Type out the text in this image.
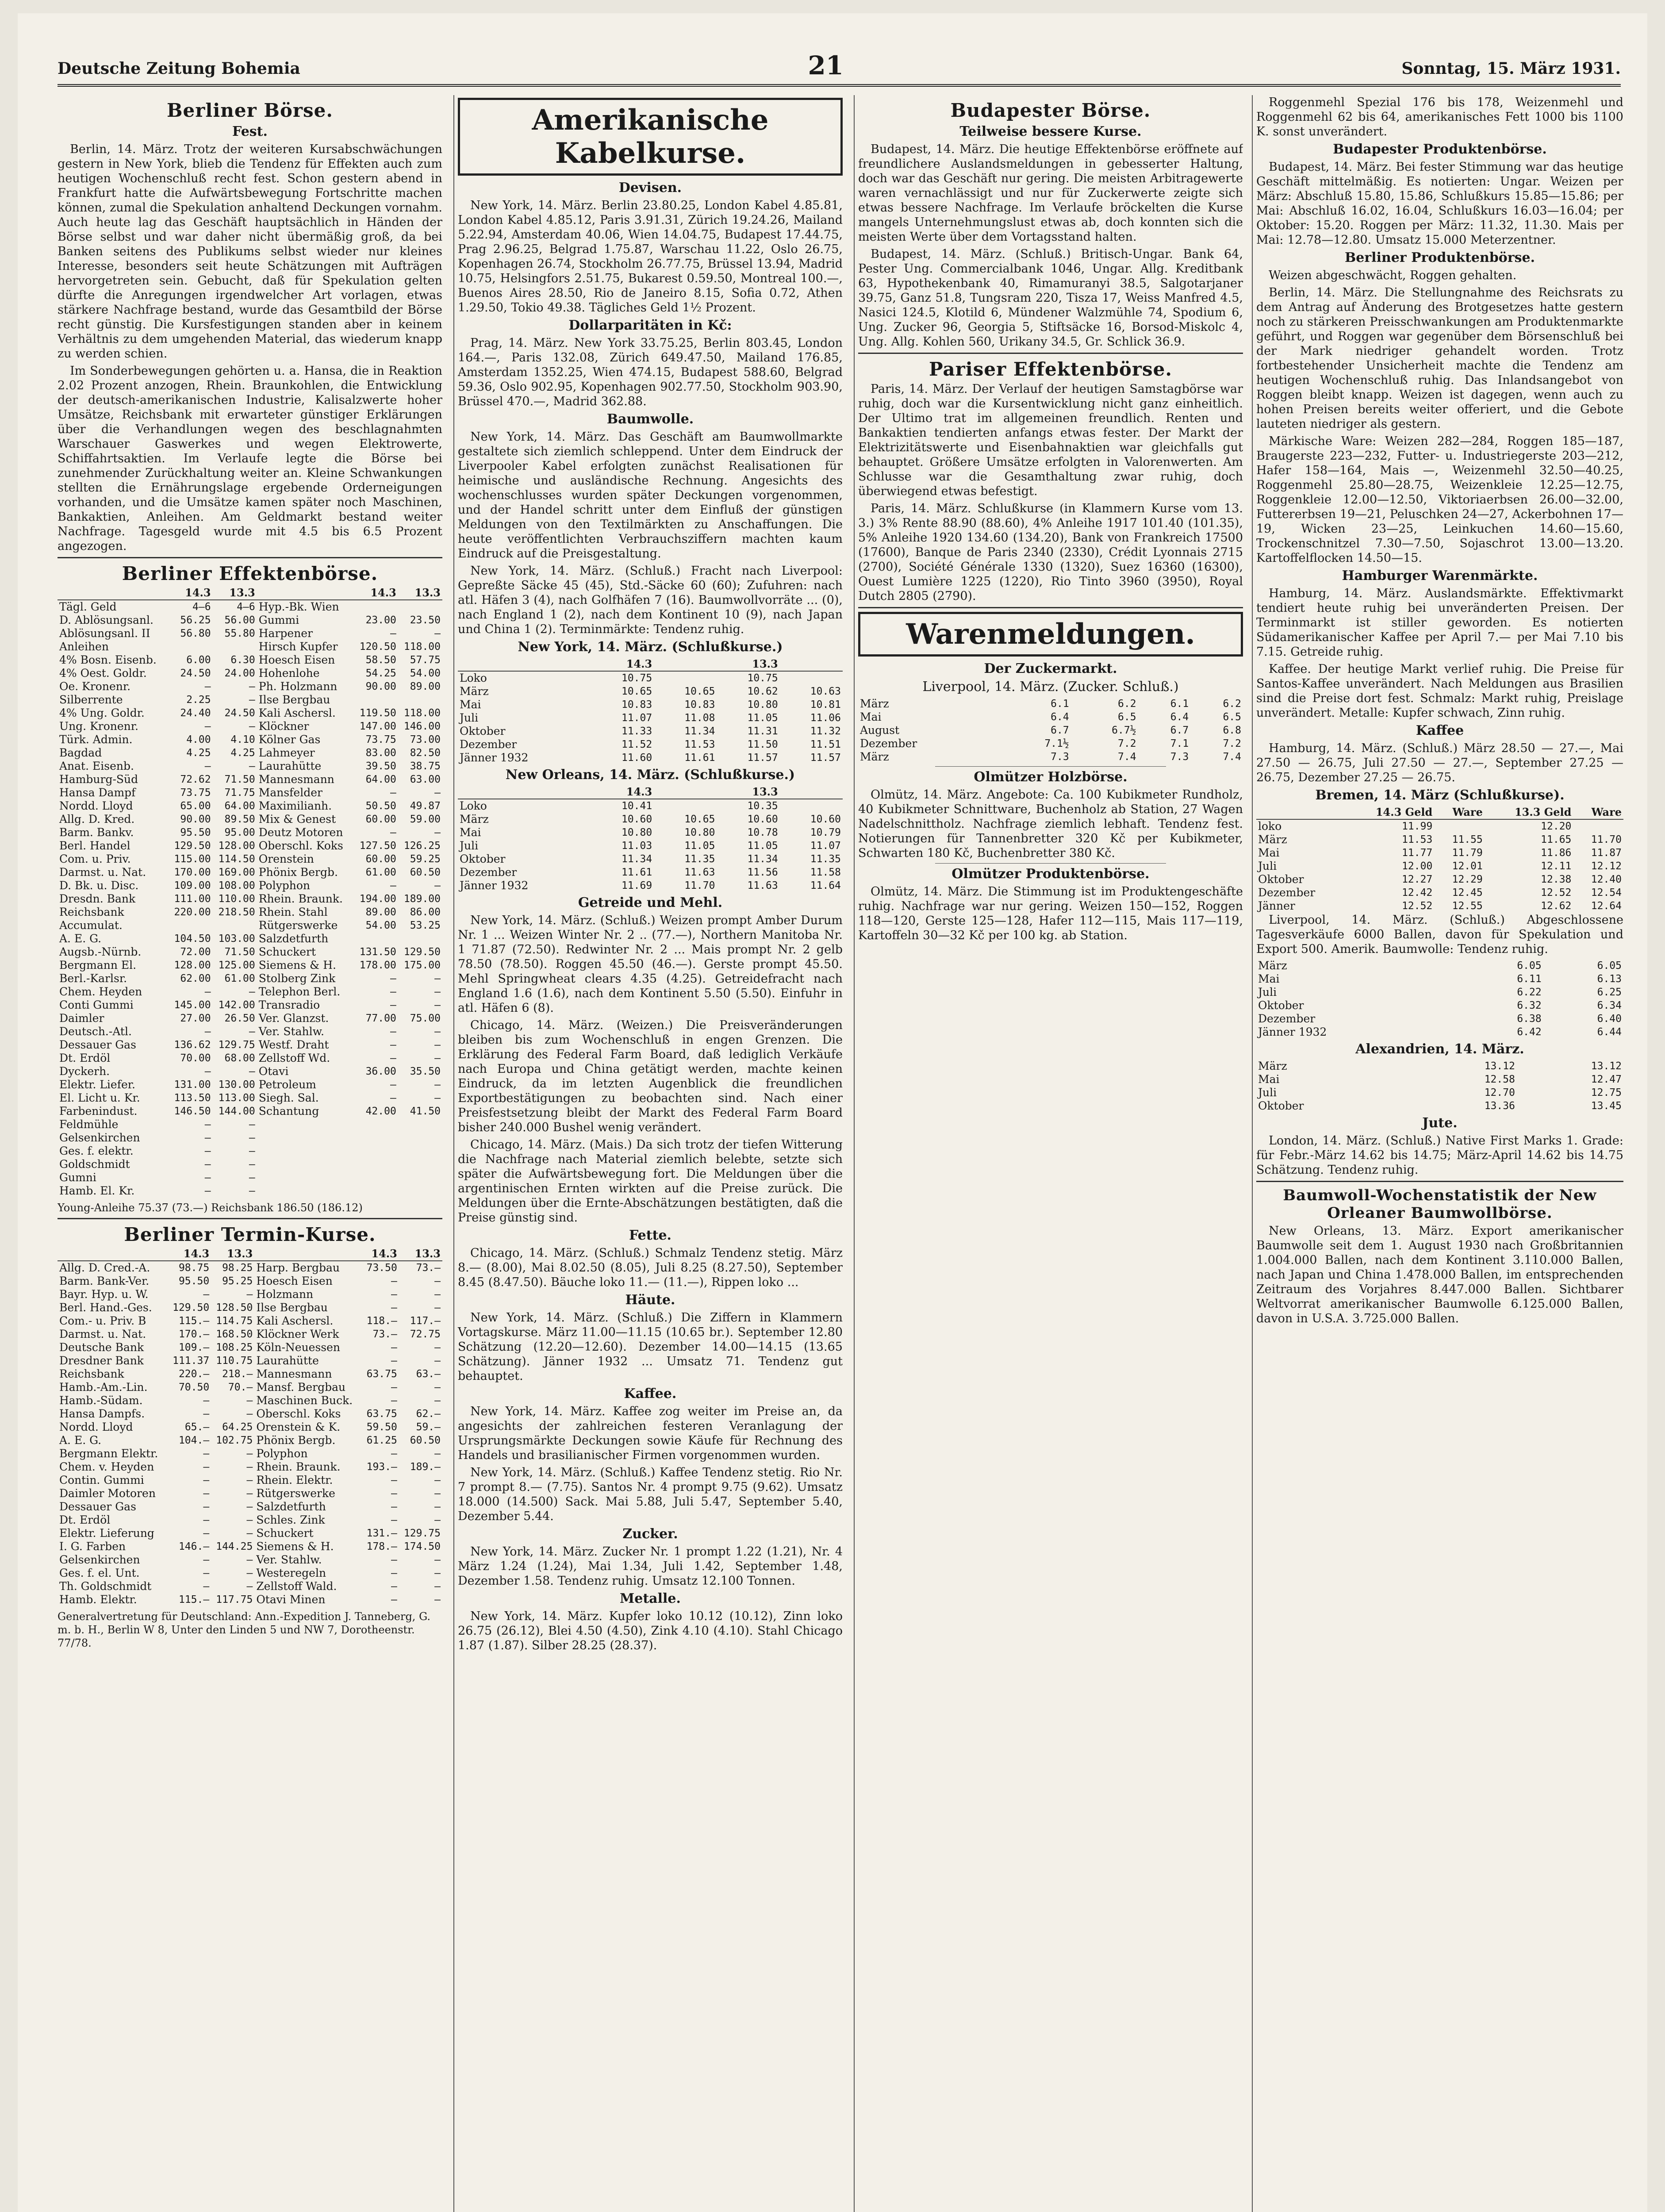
Deutsche Zeitung Bohemia	21	Sonntag, 15. März 1931.
Berliner Börse.
Fest.

Berlin, 14. März. Trotz der weiteren Kursabschwächungen gestern in New York, blieb die Tendenz für Effekten auch zum heutigen Wochenschluß recht fest. Schon gestern abend in Frankfurt hatte die Aufwärtsbewegung Fortschritte machen können, zumal die Spekulation anhaltend Deckungen vornahm. Auch heute lag das Geschäft hauptsächlich in Händen der Börse selbst und war daher nicht übermäßig groß, da bei Banken seitens des Publikums selbst wieder nur kleines Interesse, besonders seit heute Schätzungen mit Aufträgen hervorgetreten sein. Gebucht, daß für Spekulation gelten dürfte die Anregungen irgendwelcher Art vorlagen, etwas stärkere Nachfrage bestand, wurde das Gesamtbild der Börse recht günstig. Die Kursfestigungen standen aber in keinem Verhältnis zu dem umgehenden Material, das wiederum knapp zu werden schien.

Im Sonderbewegungen gehörten u. a. Hansa, die in Reaktion 2.02 Prozent anzogen, Rhein. Braunkohlen, die Entwicklung der deutsch-amerikanischen Industrie, Kalisalzwerte hoher Umsätze, Reichsbank mit erwarteter günstiger Erklärungen über die Verhandlungen wegen des beschlagnahmten Warschauer Gaswerkes und wegen Elektrowerte, Schiffahrtsaktien. Im Verlaufe legte die Börse bei zunehmender Zurückhaltung weiter an. Kleine Schwankungen stellten die Ernährungslage ergebende Orderneigungen vorhanden, und die Umsätze kamen später noch Maschinen, Bankaktien, Anleihen. Am Geldmarkt bestand weiter Nachfrage. Tagesgeld wurde mit 4.5 bis 6.5 Prozent angezogen.

Berliner Effektenbörse.
	14.3	13.3		14.3	13.3
Tägl. Geld	4—6	4—6	Hyp.-Bk. Wien		
D. Ablösungsanl.	56.25	56.00	Gummi	23.00	23.50
Ablösungsanl. II	56.80	55.80	Harpener	—	—
Anleihen			Hirsch Kupfer	120.50	118.00
4% Bosn. Eisenb.	6.00	6.30	Hoesch Eisen	58.50	57.75
4% Oest. Goldr.	24.50	24.00	Hohenlohe	54.25	54.00
Oe. Kronenr.	—	—	Ph. Holzmann	90.00	89.00
Silberrente	2.25	—	Ilse Bergbau		
4% Ung. Goldr.	24.40	24.50	Kali Aschersl.	119.50	118.00
Ung. Kronenr.	—	—	Klöckner	147.00	146.00
Türk. Admin.	4.00	4.10	Kölner Gas	73.75	73.00
Bagdad	4.25	4.25	Lahmeyer	83.00	82.50
Anat. Eisenb.	—	—	Laurahütte	39.50	38.75
Hamburg-Süd	72.62	71.50	Mannesmann	64.00	63.00
Hansa Dampf	73.75	71.75	Mansfelder	—	—
Nordd. Lloyd	65.00	64.00	Maximilianh.	50.50	49.87
Allg. D. Kred.	90.00	89.50	Mix & Genest	60.00	59.00
Barm. Bankv.	95.50	95.00	Deutz Motoren	—	—
Berl. Handel	129.50	128.00	Oberschl. Koks	127.50	126.25
Com. u. Priv.	115.00	114.50	Orenstein	60.00	59.25
Darmst. u. Nat.	170.00	169.00	Phönix Bergb.	61.00	60.50
D. Bk. u. Disc.	109.00	108.00	Polyphon	—	—
Dresdn. Bank	111.00	110.00	Rhein. Braunk.	194.00	189.00
Reichsbank	220.00	218.50	Rhein. Stahl	89.00	86.00
Accumulat.			Rütgerswerke	54.00	53.25
A. E. G.	104.50	103.00	Salzdetfurth		
Augsb.-Nürnb.	72.00	71.50	Schuckert	131.50	129.50
Bergmann El.	128.00	125.00	Siemens & H.	178.00	175.00
Berl.-Karlsr.	62.00	61.00	Stolberg Zink	—	—
Chem. Heyden	—	—	Telephon Berl.	—	—
Conti Gummi	145.00	142.00	Transradio	—	—
Daimler	27.00	26.50	Ver. Glanzst.	77.00	75.00
Deutsch.-Atl.	—	—	Ver. Stahlw.	—	—
Dessauer Gas	136.62	129.75	Westf. Draht	—	—
Dt. Erdöl	70.00	68.00	Zellstoff Wd.	—	—
Dyckerh.	—	—	Otavi	36.00	35.50
Elektr. Liefer.	131.00	130.00	Petroleum	—	—
El. Licht u. Kr.	113.50	113.00	Siegh. Sal.	—	—
Farbenindust.	146.50	144.00	Schantung	42.00	41.50
Feldmühle	—	—			
Gelsenkirchen	—	—			
Ges. f. elektr.	—	—			
Goldschmidt	—	—			
Gumni	—	—			
Hamb. El. Kr.	—	—			
Young-Anleihe 75.37 (73.—) Reichsbank 186.50 (186.12)
Berliner Termin-Kurse.
	14.3	13.3		14.3	13.3
Allg. D. Cred.-A.	98.75	98.25	Harp. Bergbau	73.50	73.—
Barm. Bank-Ver.	95.50	95.25	Hoesch Eisen	—	—
Bayr. Hyp. u. W.	—	—	Holzmann	—	—
Berl. Hand.-Ges.	129.50	128.50	Ilse Bergbau	—	—
Com.- u. Priv. B	115.—	114.75	Kali Aschersl.	118.—	117.—
Darmst. u. Nat.	170.—	168.50	Klöckner Werk	73.—	72.75
Deutsche Bank	109.—	108.25	Köln-Neuessen	—	—
Dresdner Bank	111.37	110.75	Laurahütte	—	—
Reichsbank	220.—	218.—	Mannesmann	63.75	63.—
Hamb.-Am.-Lin.	70.50	70.—	Mansf. Bergbau	—	—
Hamb.-Südam.	—	—	Maschinen Buck.	—	—
Hansa Dampfs.	—	—	Oberschl. Koks	63.75	62.—
Nordd. Lloyd	65.—	64.25	Orenstein & K.	59.50	59.—
A. E. G.	104.—	102.75	Phönix Bergb.	61.25	60.50
Bergmann Elektr.	—	—	Polyphon	—	—
Chem. v. Heyden	—	—	Rhein. Braunk.	193.—	189.—
Contin. Gummi	—	—	Rhein. Elektr.	—	—
Daimler Motoren	—	—	Rütgerswerke	—	—
Dessauer Gas	—	—	Salzdetfurth	—	—
Dt. Erdöl	—	—	Schles. Zink	—	—
Elektr. Lieferung	—	—	Schuckert	131.—	129.75
I. G. Farben	146.—	144.25	Siemens & H.	178.—	174.50
Gelsenkirchen	—	—	Ver. Stahlw.	—	—
Ges. f. el. Unt.	—	—	Westeregeln	—	—
Th. Goldschmidt	—	—	Zellstoff Wald.	—	—
Hamb. Elektr.	115.—	117.75	Otavi Minen	—	—
Generalvertretung für Deutschland: Ann.-Expedition J. Tanneberg, G. m. b. H., Berlin W 8, Unter den Linden 5 und NW 7, Dorotheenstr. 77/78.
Amerikanische Kabelkurse.
Devisen.

New York, 14. März. Berlin 23.80.25, London Kabel 4.85.81, London Kabel 4.85.12, Paris 3.91.31, Zürich 19.24.26, Mailand 5.22.94, Amsterdam 40.06, Wien 14.04.75, Budapest 17.44.75, Prag 2.96.25, Belgrad 1.75.87, Warschau 11.22, Oslo 26.75, Kopenhagen 26.74, Stockholm 26.77.75, Brüssel 13.94, Madrid 10.75, Helsingfors 2.51.75, Bukarest 0.59.50, Montreal 100.—, Buenos Aires 28.50, Rio de Janeiro 8.15, Sofia 0.72, Athen 1.29.50, Tokio 49.38. Tägliches Geld 1½ Prozent.

Dollarparitäten in Kč:

Prag, 14. März. New York 33.75.25, Berlin 803.45, London 164.—, Paris 132.08, Zürich 649.47.50, Mailand 176.85, Amsterdam 1352.25, Wien 474.15, Budapest 588.60, Belgrad 59.36, Oslo 902.95, Kopenhagen 902.77.50, Stockholm 903.90, Brüssel 470.—, Madrid 362.88.

Baumwolle.

New York, 14. März. Das Geschäft am Baumwollmarkte gestaltete sich ziemlich schleppend. Unter dem Eindruck der Liverpooler Kabel erfolgten zunächst Realisationen für heimische und ausländische Rechnung. Angesichts des wochenschlusses wurden später Deckungen vorgenommen, und der Handel schritt unter dem Einfluß der günstigen Meldungen von den Textilmärkten zu Anschaffungen. Die heute veröffentlichten Verbrauchsziffern machten kaum Eindruck auf die Preisgestaltung.

New York, 14. März. (Schluß.) Fracht nach Liverpool: Gepreßte Säcke 45 (45), Std.-Säcke 60 (60); Zufuhren: nach atl. Häfen 3 (4), nach Golfhäfen 7 (16). Baumwollvorräte ... (0), nach England 1 (2), nach dem Kontinent 10 (9), nach Japan und China 1 (2). Terminmärkte: Tendenz ruhig.

New York, 14. März. (Schlußkurse.)
	14.3		13.3	
Loko	10.75		10.75	
März	10.65	10.65	10.62	10.63
Mai	10.83	10.83	10.80	10.81
Juli	11.07	11.08	11.05	11.06
Oktober	11.33	11.34	11.31	11.32
Dezember	11.52	11.53	11.50	11.51
Jänner 1932	11.60	11.61	11.57	11.57
New Orleans, 14. März. (Schlußkurse.)
	14.3		13.3	
Loko	10.41		10.35	
März	10.60	10.65	10.60	10.60
Mai	10.80	10.80	10.78	10.79
Juli	11.03	11.05	11.05	11.07
Oktober	11.34	11.35	11.34	11.35
Dezember	11.61	11.63	11.56	11.58
Jänner 1932	11.69	11.70	11.63	11.64
Getreide und Mehl.

New York, 14. März. (Schluß.) Weizen prompt Amber Durum Nr. 1 ... Weizen Winter Nr. 2 .. (77.—), Northern Manitoba Nr. 1 71.87 (72.50). Redwinter Nr. 2 ... Mais prompt Nr. 2 gelb 78.50 (78.50). Roggen 45.50 (46.—). Gerste prompt 45.50. Mehl Springwheat clears 4.35 (4.25). Getreidefracht nach England 1.6 (1.6), nach dem Kontinent 5.50 (5.50). Einfuhr in atl. Häfen 6 (8).

Chicago, 14. März. (Weizen.) Die Preisveränderungen bleiben bis zum Wochenschluß in engen Grenzen. Die Erklärung des Federal Farm Board, daß lediglich Verkäufe nach Europa und China getätigt werden, machte keinen Eindruck, da im letzten Augenblick die freundlichen Exportbestätigungen zu beobachten sind. Nach einer Preisfestsetzung bleibt der Markt des Federal Farm Board bisher 240.000 Bushel wenig verändert.

Chicago, 14. März. (Mais.) Da sich trotz der tiefen Witterung die Nachfrage nach Material ziemlich belebte, setzte sich später die Aufwärtsbewegung fort. Die Meldungen über die argentinischen Ernten wirkten auf die Preise zurück. Die Meldungen über die Ernte-Abschätzungen bestätigten, daß die Preise günstig sind.

Fette.

Chicago, 14. März. (Schluß.) Schmalz Tendenz stetig. März 8.— (8.00), Mai 8.02.50 (8.05), Juli 8.25 (8.27.50), September 8.45 (8.47.50). Bäuche loko 11.— (11.—), Rippen loko ...

Häute.

New York, 14. März. (Schluß.) Die Ziffern in Klammern Vortagskurse. März 11.00—11.15 (10.65 br.). September 12.80 Schätzung (12.20—12.60). Dezember 14.00—14.15 (13.65 Schätzung). Jänner 1932 ... Umsatz 71. Tendenz gut behauptet.

Kaffee.

New York, 14. März. Kaffee zog weiter im Preise an, da angesichts der zahlreichen festeren Veranlagung der Ursprungsmärkte Deckungen sowie Käufe für Rechnung des Handels und brasilianischer Firmen vorgenommen wurden.

New York, 14. März. (Schluß.) Kaffee Tendenz stetig. Rio Nr. 7 prompt 8.— (7.75). Santos Nr. 4 prompt 9.75 (9.62). Umsatz 18.000 (14.500) Sack. Mai 5.88, Juli 5.47, September 5.40, Dezember 5.44.

Zucker.

New York, 14. März. Zucker Nr. 1 prompt 1.22 (1.21), Nr. 4 März 1.24 (1.24), Mai 1.34, Juli 1.42, September 1.48, Dezember 1.58. Tendenz ruhig. Umsatz 12.100 Tonnen.

Metalle.

New York, 14. März. Kupfer loko 10.12 (10.12), Zinn loko 26.75 (26.12), Blei 4.50 (4.50), Zink 4.10 (4.10). Stahl Chicago 1.87 (1.87). Silber 28.25 (28.37).

Budapester Börse.
Teilweise bessere Kurse.

Budapest, 14. März. Die heutige Effektenbörse eröffnete auf freundlichere Auslandsmeldungen in gebesserter Haltung, doch war das Geschäft nur gering. Die meisten Arbitragewerte waren vernachlässigt und nur für Zuckerwerte zeigte sich etwas bessere Nachfrage. Im Verlaufe bröckelten die Kurse mangels Unternehmungslust etwas ab, doch konnten sich die meisten Werte über dem Vortagsstand halten.

Budapest, 14. März. (Schluß.) Britisch-Ungar. Bank 64, Pester Ung. Commercialbank 1046, Ungar. Allg. Kreditbank 63, Hypothekenbank 40, Rimamuranyi 38.5, Salgotarjaner 39.75, Ganz 51.8, Tungsram 220, Tisza 17, Weiss Manfred 4.5, Nasici 124.5, Klotild 6, Mündener Walzmühle 74, Spodium 6, Ung. Zucker 96, Georgia 5, Stiftsäcke 16, Borsod-Miskolc 4, Ung. Allg. Kohlen 560, Urikany 34.5, Gr. Schlick 36.9.

Pariser Effektenbörse.

Paris, 14. März. Der Verlauf der heutigen Samstagbörse war ruhig, doch war die Kursentwicklung nicht ganz einheitlich. Der Ultimo trat im allgemeinen freundlich. Renten und Bankaktien tendierten anfangs etwas fester. Der Markt der Elektrizitätswerte und Eisenbahnaktien war gleichfalls gut behauptet. Größere Umsätze erfolgten in Valorenwerten. Am Schlusse war die Gesamthaltung zwar ruhig, doch überwiegend etwas befestigt.

Paris, 14. März. Schlußkurse (in Klammern Kurse vom 13. 3.) 3% Rente 88.90 (88.60), 4% Anleihe 1917 101.40 (101.35), 5% Anleihe 1920 134.60 (134.20), Bank von Frankreich 17500 (17600), Banque de Paris 2340 (2330), Crédit Lyonnais 2715 (2700), Société Générale 1330 (1320), Suez 16360 (16300), Ouest Lumière 1225 (1220), Rio Tinto 3960 (3950), Royal Dutch 2805 (2790).

Warenmeldungen.
Der Zuckermarkt.
Liverpool, 14. März. (Zucker. Schluß.)
März	6.1	6.2	6.1	6.2
Mai	6.4	6.5	6.4	6.5
August	6.7	6.7½	6.7	6.8
Dezember	7.1½	7.2	7.1	7.2
März	7.3	7.4	7.3	7.4
Olmützer Holzbörse.

Olmütz, 14. März. Angebote: Ca. 100 Kubikmeter Rundholz, 40 Kubikmeter Schnittware, Buchenholz ab Station, 27 Wagen Nadelschnittholz. Nachfrage ziemlich lebhaft. Tendenz fest. Notierungen für Tannenbretter 320 Kč per Kubikmeter, Schwarten 180 Kč, Buchenbretter 380 Kč.

Olmützer Produktenbörse.

Olmütz, 14. März. Die Stimmung ist im Produktengeschäfte ruhig. Nachfrage war nur gering. Weizen 150—152, Roggen 118—120, Gerste 125—128, Hafer 112—115, Mais 117—119, Kartoffeln 30—32 Kč per 100 kg. ab Station.

Roggenmehl Spezial 176 bis 178, Weizenmehl und Roggenmehl 62 bis 64, amerikanisches Fett 1000 bis 1100 K. sonst unverändert.

Budapester Produktenbörse.

Budapest, 14. März. Bei fester Stimmung war das heutige Geschäft mittelmäßig. Es notierten: Ungar. Weizen per März: Abschluß 15.80, 15.86, Schlußkurs 15.85—15.86; per Mai: Abschluß 16.02, 16.04, Schlußkurs 16.03—16.04; per Oktober: 15.20. Roggen per März: 11.32, 11.30. Mais per Mai: 12.78—12.80. Umsatz 15.000 Meterzentner.

Berliner Produktenbörse.

Weizen abgeschwächt, Roggen gehalten.

Berlin, 14. März. Die Stellungnahme des Reichsrats zu dem Antrag auf Änderung des Brotgesetzes hatte gestern noch zu stärkeren Preisschwankungen am Produktenmarkte geführt, und Roggen war gegenüber dem Börsenschluß bei der Mark niedriger gehandelt worden. Trotz fortbestehender Unsicherheit machte die Tendenz am heutigen Wochenschluß ruhig. Das Inlandsangebot von Roggen bleibt knapp. Weizen ist dagegen, wenn auch zu hohen Preisen bereits weiter offeriert, und die Gebote lauteten niedriger als gestern.

Märkische Ware: Weizen 282—284, Roggen 185—187, Braugerste 223—232, Futter- u. Industriegerste 203—212, Hafer 158—164, Mais —, Weizenmehl 32.50—40.25, Roggenmehl 25.80—28.75, Weizenkleie 12.25—12.75, Roggenkleie 12.00—12.50, Viktoriaerbsen 26.00—32.00, Futtererbsen 19—21, Peluschken 24—27, Ackerbohnen 17—19, Wicken 23—25, Leinkuchen 14.60—15.60, Trockenschnitzel 7.30—7.50, Sojaschrot 13.00—13.20. Kartoffelflocken 14.50—15.

Hamburger Warenmärkte.

Hamburg, 14. März. Auslandsmärkte. Effektivmarkt tendiert heute ruhig bei unveränderten Preisen. Der Terminmarkt ist stiller geworden. Es notierten Südamerikanischer Kaffee per April 7.— per Mai 7.10 bis 7.15. Getreide ruhig.

Kaffee. Der heutige Markt verlief ruhig. Die Preise für Santos-Kaffee unverändert. Nach Meldungen aus Brasilien sind die Preise dort fest. Schmalz: Markt ruhig, Preislage unverändert. Metalle: Kupfer schwach, Zinn ruhig.

Kaffee

Hamburg, 14. März. (Schluß.) März 28.50 — 27.—, Mai 27.50 — 26.75, Juli 27.50 — 27.—, September 27.25 — 26.75, Dezember 27.25 — 26.75.

Bremen, 14. März (Schlußkurse).
	14.3 Geld	Ware	13.3 Geld	Ware
loko	11.99		12.20	
März	11.53	11.55	11.65	11.70
Mai	11.77	11.79	11.86	11.87
Juli	12.00	12.01	12.11	12.12
Oktober	12.27	12.29	12.38	12.40
Dezember	12.42	12.45	12.52	12.54
Jänner	12.52	12.55	12.62	12.64

Liverpool, 14. März. (Schluß.) Abgeschlossene Tagesverkäufe 6000 Ballen, davon für Spekulation und Export 500. Amerik. Baumwolle: Tendenz ruhig.

März	6.05	6.05
Mai	6.11	6.13
Juli	6.22	6.25
Oktober	6.32	6.34
Dezember	6.38	6.40
Jänner 1932	6.42	6.44
Alexandrien, 14. März.
März	13.12	13.12
Mai	12.58	12.47
Juli	12.70	12.75
Oktober	13.36	13.45
Jute.

London, 14. März. (Schluß.) Native First Marks 1. Grade: für Febr.-März 14.62 bis 14.75; März-April 14.62 bis 14.75 Schätzung. Tendenz ruhig.

Baumwoll-Wochenstatistik der New Orleaner Baumwollbörse.

New Orleans, 13. März. Export amerikanischer Baumwolle seit dem 1. August 1930 nach Großbritannien 1.004.000 Ballen, nach dem Kontinent 3.110.000 Ballen, nach Japan und China 1.478.000 Ballen, im entsprechenden Zeitraum des Vorjahres 8.447.000 Ballen. Sichtbarer Weltvorrat amerikanischer Baumwolle 6.125.000 Ballen, davon in U.S.A. 3.725.000 Ballen.
